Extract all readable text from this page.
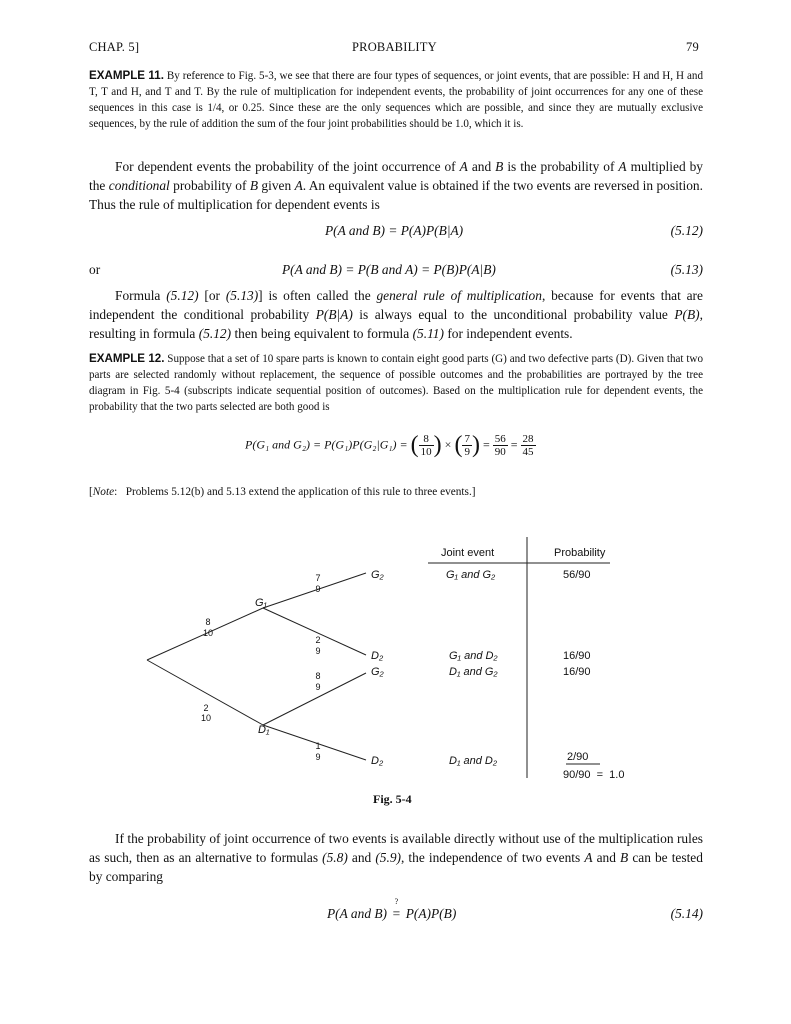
CHAP. 5]	PROBABILITY	79
EXAMPLE 11. By reference to Fig. 5-3, we see that there are four types of sequences, or joint events, that are possible: H and H, H and T, T and H, and T and T. By the rule of multiplication for independent events, the probability of joint occurrences for any one of these sequences in this case is 1/4, or 0.25. Since these are the only sequences which are possible, and since they are mutually exclusive sequences, by the rule of addition the sum of the four joint probabilities should be 1.0, which it is.
For dependent events the probability of the joint occurrence of A and B is the probability of A multiplied by the conditional probability of B given A. An equivalent value is obtained if the two events are reversed in position. Thus the rule of multiplication for dependent events is
P(A and B) = P(A)P(B|A)	(5.12)
or	P(A and B) = P(B and A) = P(B)P(A|B)	(5.13)
Formula (5.12) [or (5.13)] is often called the general rule of multiplication, because for events that are independent the conditional probability P(B|A) is always equal to the unconditional probability value P(B), resulting in formula (5.12) then being equivalent to formula (5.11) for independent events.
EXAMPLE 12. Suppose that a set of 10 spare parts is known to contain eight good parts (G) and two defective parts (D). Given that two parts are selected randomly without replacement, the sequence of possible outcomes and the probabilities are portrayed by the tree diagram in Fig. 5-4 (subscripts indicate sequential position of outcomes). Based on the multiplication rule for dependent events, the probability that the two parts selected are both good is
P(G₁ and G₂) = P(G₁)P(G₂|G₁) = ( $\frac{8}{10}$ ) × ( $\frac{7}{9}$ ) = $\frac{56}{90} = \frac{28}{45}$
[Note:   Problems 5.12(b) and 5.13 extend the application of this rule to three events.]
Joint event	Probability
G₁
D₁
8
10
2
10
7
9
G₂	G₁ and G₂	56/90
2
9	D₂	G₁ and D₂	16/90
8
9
G₂	D₁ and G₂	16/90
1
9	D₂	D₁ and D₂	2/90
90/90  =  1.0
Fig. 5-4
If the probability of joint occurrence of two events is available directly without use of the multiplication rules as such, then as an alternative to formulas (5.8) and (5.9), the independence of two events A and B can be tested by comparing
P(A and B)
?
= P(A)P(B)	(5.14)
